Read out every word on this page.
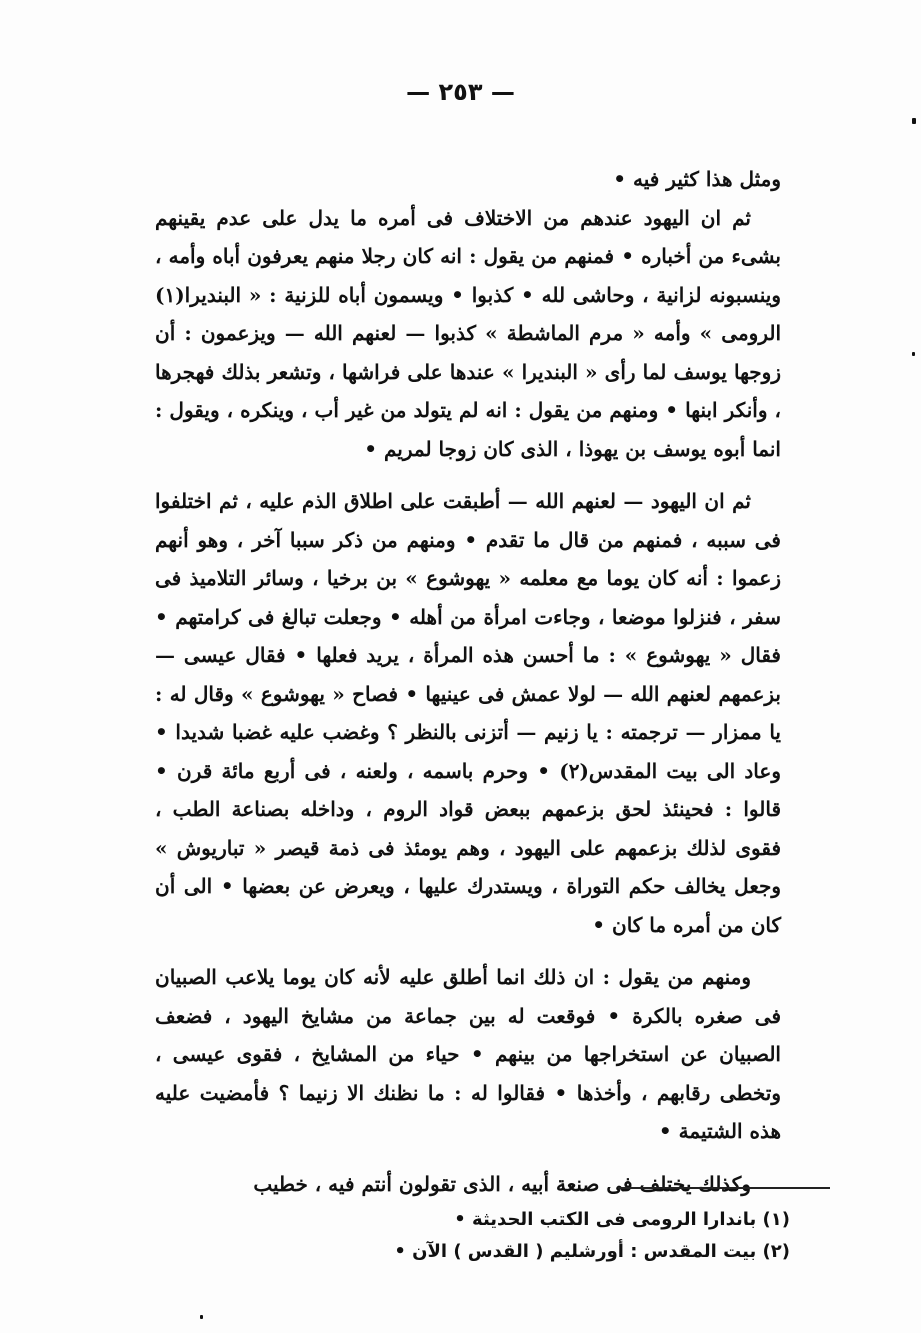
— ٢٥٣ —

ومثل هذا كثير فيه •

ثم ان اليهود عندهم من الاختلاف فى أمره ما يدل على عدم يقينهم بشىء من أخباره • فمنهم من يقول : انه كان رجلا منهم يعرفون أباه وأمه ، وينسبونه لزانية ، وحاشى لله • كذبوا • ويسمون أباه للزنية : « البنديرا(١) الرومى » وأمه « مرم الماشطة » كذبوا — لعنهم الله — ويزعمون : أن زوجها يوسف لما رأى « البنديرا » عندها على فراشها ، وتشعر بذلك فهجرها ، وأنكر ابنها • ومنهم من يقول : انه لم يتولد من غير أب ، وينكره ، ويقول : انما أبوه يوسف بن يهوذا ، الذى كان زوجا لمريم •

ثم ان اليهود — لعنهم الله — أطبقت على اطلاق الذم عليه ، ثم اختلفوا فى سببه ، فمنهم من قال ما تقدم • ومنهم من ذكر سببا آخر ، وهو أنهم زعموا : أنه كان يوما مع معلمه « يهوشوع » بن برخيا ، وسائر التلاميذ فى سفر ، فنزلوا موضعا ، وجاءت امرأة من أهله • وجعلت تبالغ فى كرامتهم • فقال « يهوشوع » : ما أحسن هذه المرأة ، يريد فعلها • فقال عيسى — بزعمهم لعنهم الله — لولا عمش فى عينيها • فصاح « يهوشوع » وقال له : يا ممزار — ترجمته : يا زنيم — أتزنى بالنظر ؟ وغضب عليه غضبا شديدا • وعاد الى بيت المقدس(٢) • وحرم باسمه ، ولعنه ، فى أربع مائة قرن • قالوا : فحينئذ لحق بزعمهم ببعض قواد الروم ، وداخله بصناعة الطب ، فقوى لذلك بزعمهم على اليهود ، وهم يومئذ فى ذمة قيصر « تباريوش » وجعل يخالف حكم التوراة ، ويستدرك عليها ، ويعرض عن بعضها • الى أن كان من أمره ما كان •

ومنهم من يقول : ان ذلك انما أطلق عليه لأنه كان يوما يلاعب الصبيان فى صغره بالكرة • فوقعت له بين جماعة من مشايخ اليهود ، فضعف الصبيان عن استخراجها من بينهم • حياء من المشايخ ، فقوى عيسى ، وتخطى رقابهم ، وأخذها • فقالوا له : ما نظنك الا زنيما ؟ فأمضيت عليه هذه الشتيمة •

وكذلك يختلف فى صنعة أبيه ، الذى تقولون أنتم فيه ، خطيب

(١) باندارا الرومى فى الكتب الحديثة •

(٢) بيت المقدس : أورشليم ( القدس ) الآن •
